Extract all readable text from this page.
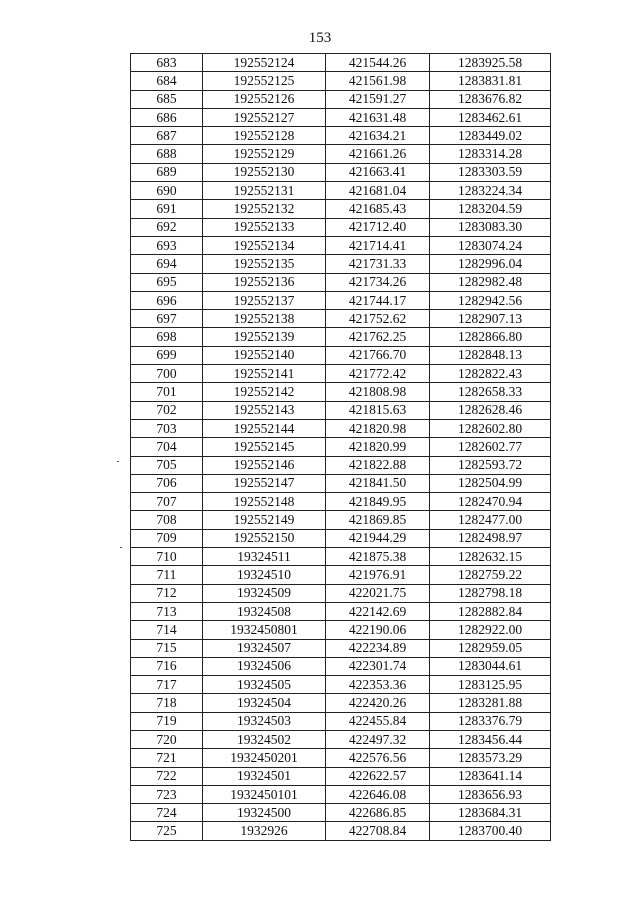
153
683	192552124	421544.26	1283925.58
684	192552125	421561.98	1283831.81
685	192552126	421591.27	1283676.82
686	192552127	421631.48	1283462.61
687	192552128	421634.21	1283449.02
688	192552129	421661.26	1283314.28
689	192552130	421663.41	1283303.59
690	192552131	421681.04	1283224.34
691	192552132	421685.43	1283204.59
692	192552133	421712.40	1283083.30
693	192552134	421714.41	1283074.24
694	192552135	421731.33	1282996.04
695	192552136	421734.26	1282982.48
696	192552137	421744.17	1282942.56
697	192552138	421752.62	1282907.13
698	192552139	421762.25	1282866.80
699	192552140	421766.70	1282848.13
700	192552141	421772.42	1282822.43
701	192552142	421808.98	1282658.33
702	192552143	421815.63	1282628.46
703	192552144	421820.98	1282602.80
704	192552145	421820.99	1282602.77
705	192552146	421822.88	1282593.72
706	192552147	421841.50	1282504.99
707	192552148	421849.95	1282470.94
708	192552149	421869.85	1282477.00
709	192552150	421944.29	1282498.97
710	19324511	421875.38	1282632.15
711	19324510	421976.91	1282759.22
712	19324509	422021.75	1282798.18
713	19324508	422142.69	1282882.84
714	1932450801	422190.06	1282922.00
715	19324507	422234.89	1282959.05
716	19324506	422301.74	1283044.61
717	19324505	422353.36	1283125.95
718	19324504	422420.26	1283281.88
719	19324503	422455.84	1283376.79
720	19324502	422497.32	1283456.44
721	1932450201	422576.56	1283573.29
722	19324501	422622.57	1283641.14
723	1932450101	422646.08	1283656.93
724	19324500	422686.85	1283684.31
725	1932926	422708.84	1283700.40
